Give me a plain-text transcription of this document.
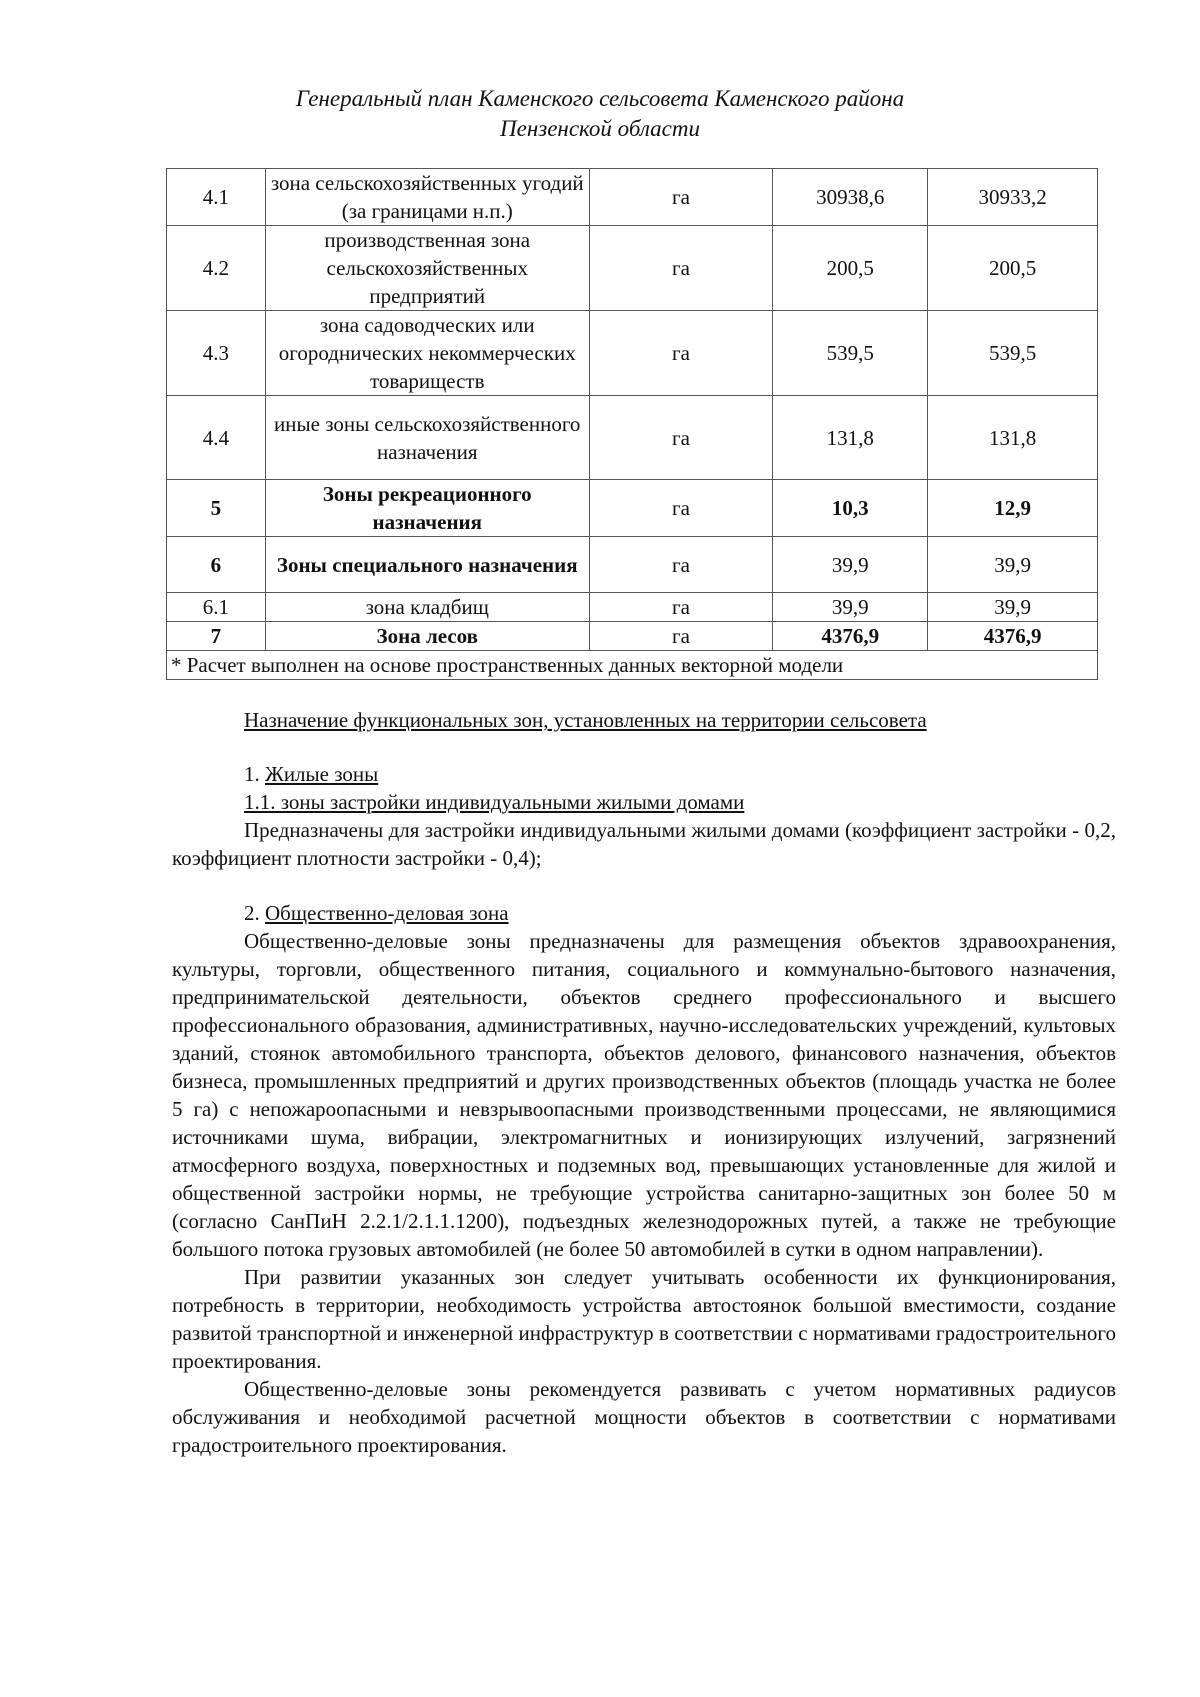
Генеральный план Каменского сельсовета Каменского района
Пензенской области
4.1	зона сельскохозяйственных угодий (за границами н.п.)	га	30938,6	30933,2
4.2	производственная зона сельскохозяйственных предприятий	га	200,5	200,5
4.3	зона садоводческих или огороднических некоммерческих товариществ	га	539,5	539,5
4.4	иные зоны сельскохозяйственного назначения	га	131,8	131,8
5	Зоны рекреационного назначения	га	10,3	12,9
6	Зоны специального назначения	га	39,9	39,9
6.1	зона кладбищ	га	39,9	39,9
7	Зона лесов	га	4376,9	4376,9
* Расчет выполнен на основе пространственных данных векторной модели				
Назначение функциональных зон, установленных на территории сельсовета

1. Жилые зоны

1.1. зоны застройки индивидуальными жилыми домами

Предназначены для застройки индивидуальными жилыми домами (коэффициент застройки - 0,2, коэффициент плотности застройки - 0,4);

2. Общественно-деловая зона

Общественно-деловые зоны предназначены для размещения объектов здравоохранения, культуры, торговли, общественного питания, социального и коммунально-бытового назначения, предпринимательской деятельности, объектов среднего профессионального и высшего профессионального образования, административных, научно-исследовательских учреждений, культовых зданий, стоянок автомобильного транспорта, объектов делового, финансового назначения, объектов бизнеса, промышленных предприятий и других производственных объектов (площадь участка не более 5 га) с непожароопасными и невзрывоопасными производственными процессами, не являющимися источниками шума, вибрации, электромагнитных и ионизирующих излучений, загрязнений атмосферного воздуха, поверхностных и подземных вод, превышающих установленные для жилой и общественной застройки нормы, не требующие устройства санитарно-защитных зон более 50 м (согласно СанПиН 2.2.1/2.1.1.1200), подъездных железнодорожных путей, а также не требующие большого потока грузовых автомобилей (не более 50 автомобилей в сутки в одном направлении).

При развитии указанных зон следует учитывать особенности их функционирования, потребность в территории, необходимость устройства автостоянок большой вместимости, создание развитой транспортной и инженерной инфраструктур в соответствии с нормативами градостроительного проектирования.

Общественно-деловые зоны рекомендуется развивать с учетом нормативных радиусов обслуживания и необходимой расчетной мощности объектов в соответствии с нормативами градостроительного проектирования.
